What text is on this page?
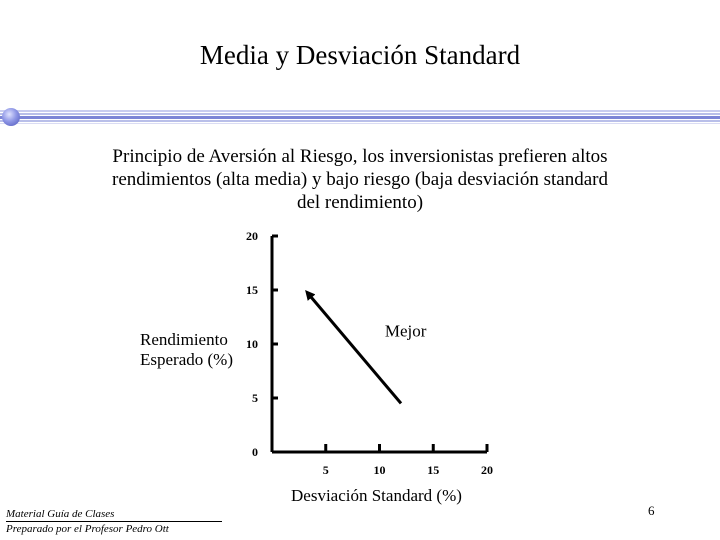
Media y Desviación Standard
Principio de Aversión al Riesgo, los inversionistas prefieren altos rendimientos (alta media) y bajo riesgo (baja desviación standard del rendimiento)
0
5
10
15
20
5	10	15	20
Mejor
Rendimiento
Esperado (%)
Desviación Standard (%)
Material Guía de Clases

Preparado por el Profesor Pedro Ott
6
